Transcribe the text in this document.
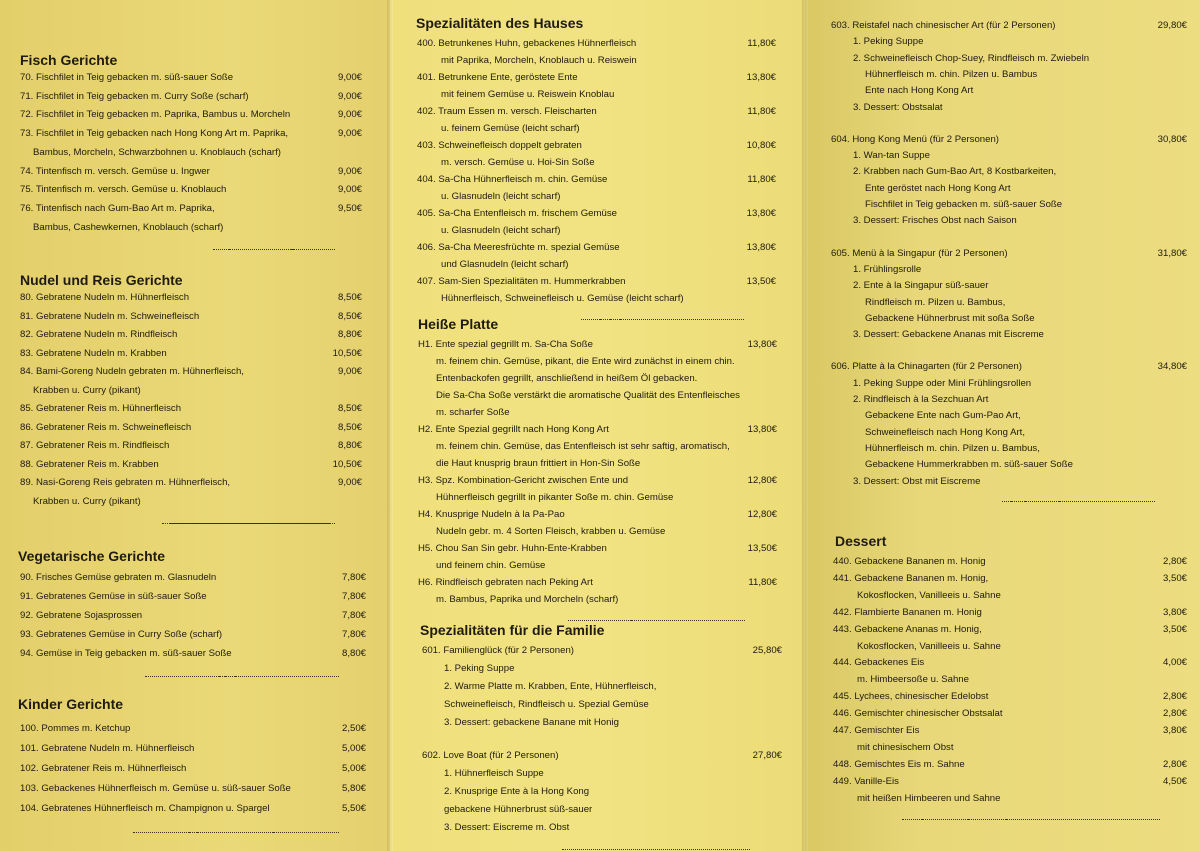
Fisch Gerichte
70. Fischfilet in Teig gebacken m. süß-sauer Soße	9,00€
71. Fischfilet in Teig gebacken m. Curry Soße (scharf)	9,00€
72. Fischfilet in Teig gebacken m. Paprika, Bambus u. Morcheln	9,00€
73. Fischfilet in Teig gebacken nach Hong Kong Art m. Paprika,	9,00€
Bambus, Morcheln, Schwarzbohnen u. Knoblauch (scharf)
74. Tintenfisch m. versch. Gemüse u. Ingwer	9,00€
75. Tintenfisch m. versch. Gemüse u. Knoblauch	9,00€
76. Tintenfisch nach Gum-Bao Art m. Paprika,	9,50€
Bambus, Cashewkernen, Knoblauch (scharf)
Nudel und Reis Gerichte
80. Gebratene Nudeln m. Hühnerfleisch	8,50€
81. Gebratene Nudeln m. Schweinefleisch	8,50€
82. Gebratene Nudeln m. Rindfleisch	8,80€
83. Gebratene Nudeln m. Krabben	10,50€
84. Bami-Goreng Nudeln gebraten m. Hühnerfleisch,	9,00€
Krabben u. Curry (pikant)
85. Gebratener Reis m. Hühnerfleisch	8,50€
86. Gebratener Reis m. Schweinefleisch	8,50€
87. Gebratener Reis m. Rindfleisch	8,80€
88. Gebratener Reis m. Krabben	10,50€
89. Nasi-Goreng Reis gebraten m. Hühnerfleisch,	9,00€
Krabben u. Curry (pikant)
Vegetarische Gerichte
90. Frisches Gemüse gebraten m. Glasnudeln	7,80€
91. Gebratenes Gemüse in süß-sauer Soße	7,80€
92. Gebratene Sojasprossen	7,80€
93. Gebratenes Gemüse in Curry Soße (scharf)	7,80€
94. Gemüse in Teig gebacken m. süß-sauer Soße	8,80€
Kinder Gerichte
100. Pommes m. Ketchup	2,50€
101. Gebratene Nudeln m. Hühnerfleisch	5,00€
102. Gebratener Reis m. Hühnerfleisch	5,00€
103. Gebackenes Hühnerfleisch m. Gemüse u. süß-sauer Soße	5,80€
104. Gebratenes Hühnerfleisch m. Champignon u. Spargel	5,50€
Spezialitäten des Hauses
400. Betrunkenes Huhn, gebackenes Hühnerfleisch	11,80€
mit Paprika, Morcheln, Knoblauch u. Reiswein
401. Betrunkene Ente, geröstete Ente	13,80€
mit feinem Gemüse u. Reiswein Knoblau
402. Traum Essen m. versch. Fleischarten	11,80€
u. feinem Gemüse (leicht scharf)
403. Schweinefleisch doppelt gebraten	10,80€
m. versch. Gemüse u. Hoi-Sin Soße
404. Sa-Cha Hühnerfleisch m. chin. Gemüse	11,80€
u. Glasnudeln (leicht scharf)
405. Sa-Cha Entenfleisch m. frischem Gemüse	13,80€
u. Glasnudeln (leicht scharf)
406. Sa-Cha Meeresfrüchte m. spezial Gemüse	13,80€
und Glasnudeln (leicht scharf)
407. Sam-Sien Spezialitäten m. Hummerkrabben	13,50€
Hühnerfleisch, Schweinefleisch u. Gemüse (leicht scharf)
Heiße Platte
H1. Ente spezial gegrillt m. Sa-Cha Soße	13,80€
m. feinem chin. Gemüse, pikant, die Ente wird zunächst in einem chin.
Entenbackofen gegrillt, anschließend in heißem Öl gebacken.
Die Sa-Cha Soße verstärkt die aromatische Qualität des Entenfleisches
m. scharfer Soße
H2. Ente Spezial gegrillt nach Hong Kong Art	13,80€
m. feinem chin. Gemüse, das Entenfleisch ist sehr saftig, aromatisch,
die Haut knusprig braun frittiert in Hon-Sin Soße
H3. Spz. Kombination-Gericht zwischen Ente und	12,80€
Hühnerfleisch gegrillt in pikanter Soße m. chin. Gemüse
H4. Knusprige Nudeln à la Pa-Pao	12,80€
Nudeln gebr. m. 4 Sorten Fleisch, krabben u. Gemüse
H5. Chou San Sin gebr. Huhn-Ente-Krabben	13,50€
und feinem chin. Gemüse
H6. Rindfleisch gebraten nach Peking Art	11,80€
m. Bambus, Paprika und Morcheln (scharf)
Spezialitäten für die Familie
601. Familienglück (für 2 Personen)	25,80€
1. Peking Suppe
2. Warme Platte m. Krabben, Ente, Hühnerfleisch,
Schweinefleisch, Rindfleisch u. Spezial Gemüse
3. Dessert: gebackene Banane mit Honig
602. Love Boat (für 2 Personen)	27,80€
1. Hühnerfleisch Suppe
2. Knusprige Ente à la Hong Kong
gebackene Hühnerbrust süß-sauer
3. Dessert: Eiscreme m. Obst
603. Reistafel nach chinesischer Art (für 2 Personen)	29,80€
1. Peking Suppe
2. Schweinefleisch Chop-Suey, Rindfleisch m. Zwiebeln
Hühnerfleisch m. chin. Pilzen u. Bambus
Ente nach Hong Kong Art
3. Dessert: Obstsalat
604. Hong Kong Menü (für 2 Personen)	30,80€
1. Wan-tan Suppe
2. Krabben nach Gum-Bao Art, 8 Kostbarkeiten,
Ente geröstet nach Hong Kong Art
Fischfilet in Teig gebacken m. süß-sauer Soße
3. Dessert: Frisches Obst nach Saison
605. Menü à la Singapur (für 2 Personen)	31,80€
1. Frühlingsrolle
2. Ente à la Singapur süß-sauer
Rindfleisch m. Pilzen u. Bambus,
Gebackene Hühnerbrust mit soßa Soße
3. Dessert: Gebackene Ananas mit Eiscreme
606. Platte à la Chinagarten (für 2 Personen)	34,80€
1. Peking Suppe oder Mini Frühlingsrollen
2. Rindfleisch à la Sezchuan Art
Gebackene Ente nach Gum-Pao Art,
Schweinefleisch nach Hong Kong Art,
Hühnerfleisch m. chin. Pilzen u. Bambus,
Gebackene Hummerkrabben m. süß-sauer Soße
3. Dessert: Obst mit Eiscreme
Dessert
440. Gebackene Bananen m. Honig	2,80€
441. Gebackene Bananen m. Honig,	3,50€
Kokosflocken, Vanilleeis u. Sahne
442. Flambierte Bananen m. Honig	3,80€
443. Gebackene Ananas m. Honig,	3,50€
Kokosflocken, Vanilleeis u. Sahne
444. Gebackenes Eis	4,00€
m. Himbeersoße u. Sahne
445. Lychees, chinesischer Edelobst	2,80€
446. Gemischter chinesischer Obstsalat	2,80€
447. Gemischter Eis	3,80€
mit chinesischem Obst
448. Gemischtes Eis m. Sahne	2,80€
449. Vanille-Eis	4,50€
mit heißen Himbeeren und Sahne
